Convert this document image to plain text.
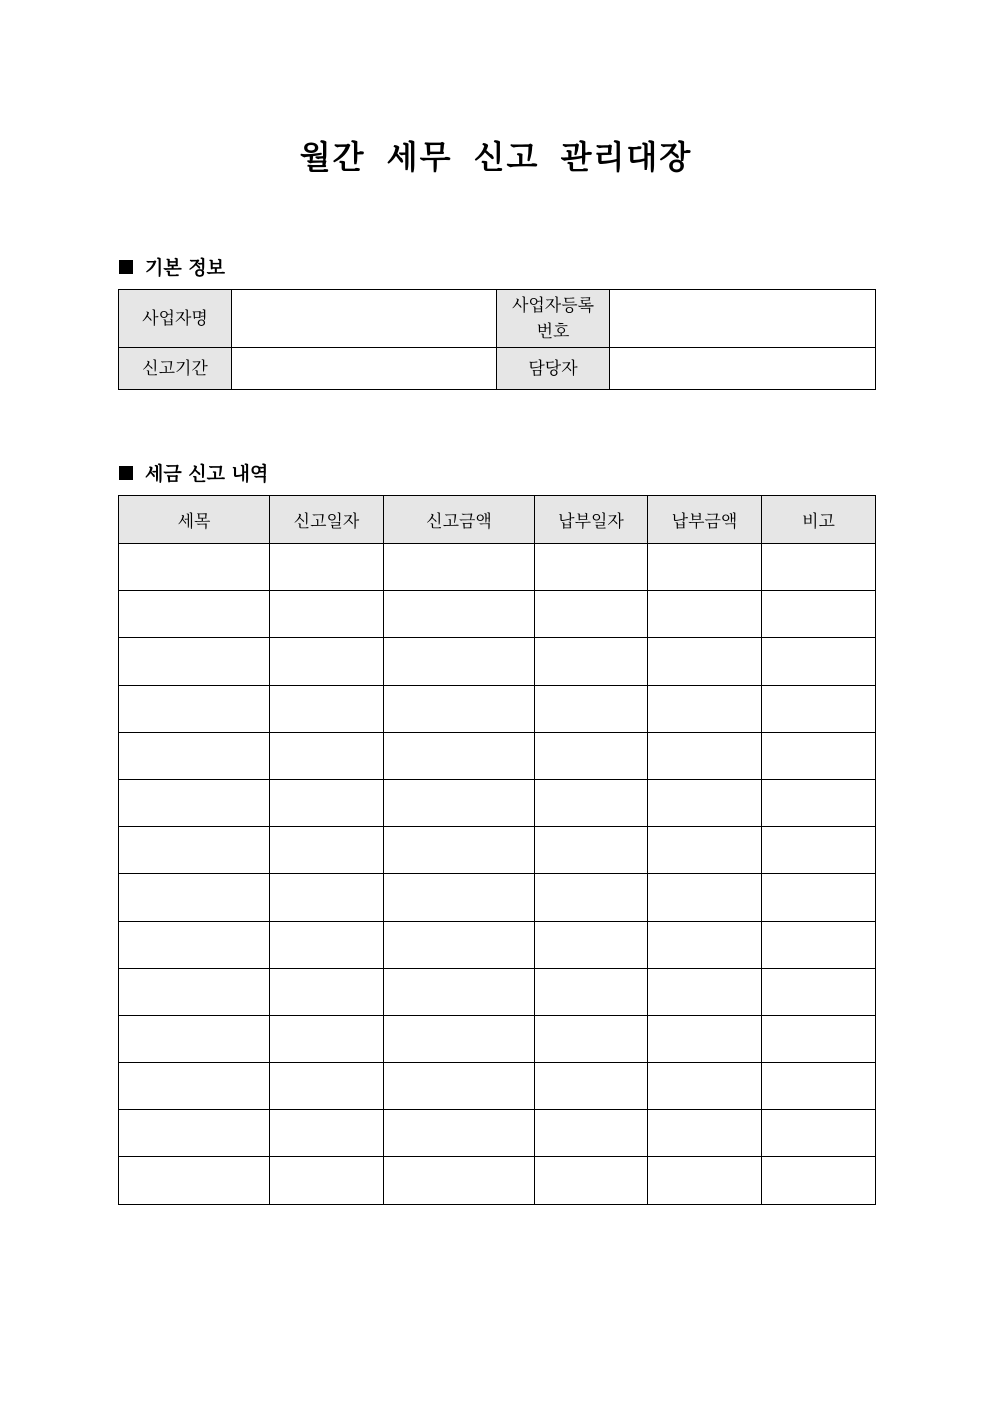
월간 세무 신고 관리대장
기본 정보
사업자명		사업자등록
번호	

신고기간		담당자	
세금 신고 내역
세목	신고일자	신고금액	납부일자	납부금액	비고
